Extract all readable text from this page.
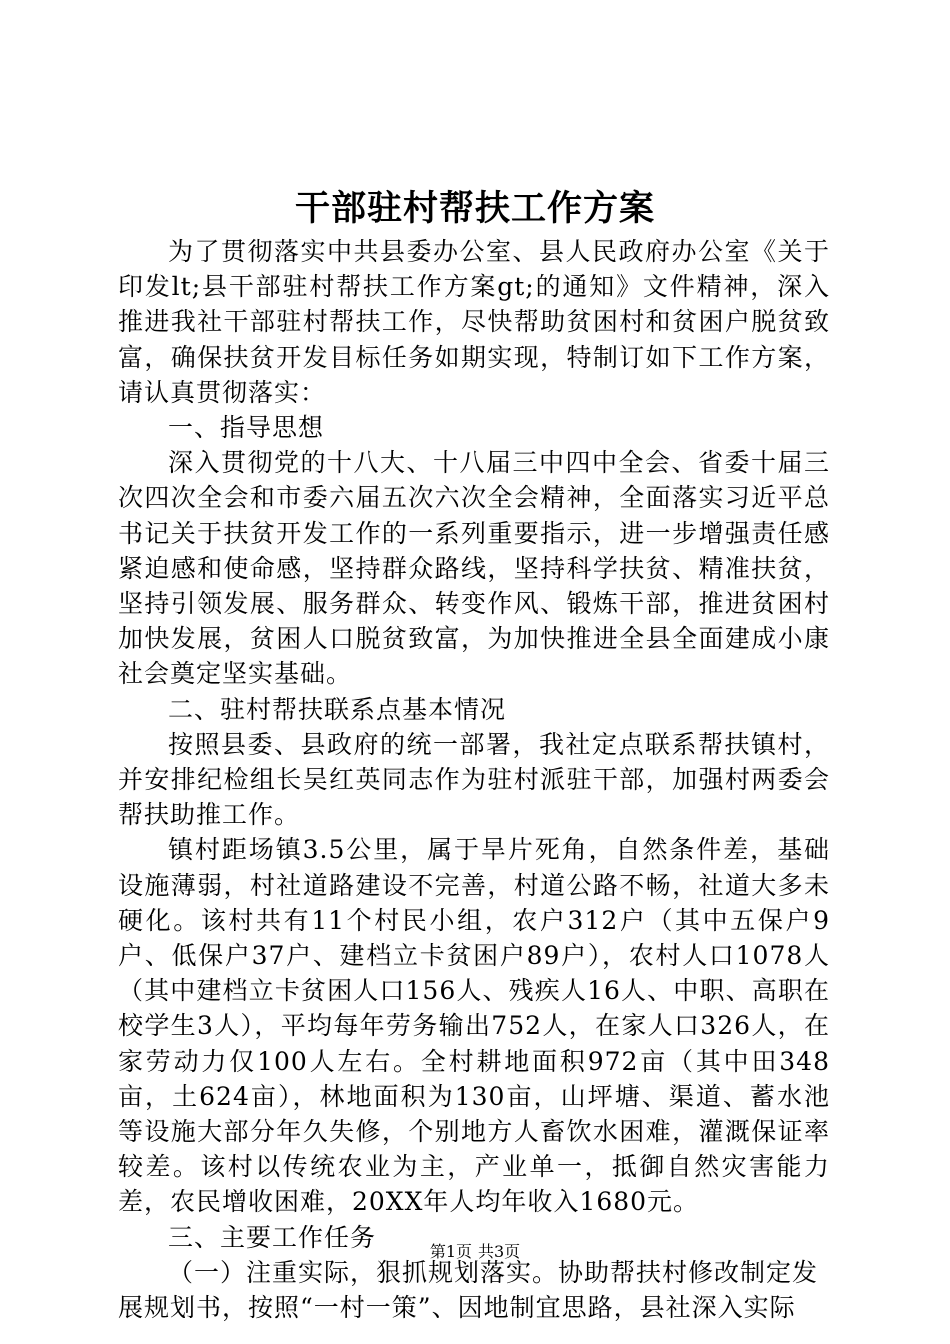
干部驻村帮扶工作方案

为了贯彻落实中共县委办公室、县人民政府办公室《关于印发lt;县干部驻村帮扶工作方案gt;的通知》文件精神，深入推进我社干部驻村帮扶工作，尽快帮助贫困村和贫困户脱贫致富，确保扶贫开发目标任务如期实现，特制订如下工作方案，请认真贯彻落实：

一、指导思想

深入贯彻党的十八大、十八届三中四中全会、省委十届三次四次全会和市委六届五次六次全会精神，全面落实习近平总书记关于扶贫开发工作的一系列重要指示，进一步增强责任感紧迫感和使命感，坚持群众路线，坚持科学扶贫、精准扶贫，坚持引领发展、服务群众、转变作风、锻炼干部，推进贫困村加快发展，贫困人口脱贫致富，为加快推进全县全面建成小康社会奠定坚实基础。

二、驻村帮扶联系点基本情况

按照县委、县政府的统一部署，我社定点联系帮扶镇村，并安排纪检组长吴红英同志作为驻村派驻干部，加强村两委会帮扶助推工作。

镇村距场镇3.5公里，属于旱片死角，自然条件差，基础设施薄弱，村社道路建设不完善，村道公路不畅，社道大多未硬化。该村共有11个村民小组，农户312户（其中五保户9户、低保户37户、建档立卡贫困户89户），农村人口1078人（其中建档立卡贫困人口156人、残疾人16人、中职、高职在校学生3人），平均每年劳务输出752人，在家人口326人，在家劳动力仅100人左右。全村耕地面积972亩（其中田348亩，土624亩），林地面积为130亩，山坪塘、渠道、蓄水池等设施大部分年久失修，个别地方人畜饮水困难，灌溉保证率较差。该村以传统农业为主，产业单一，抵御自然灾害能力差，农民增收困难，20XX年人均年收入1680元。

三、主要工作任务

（一）注重实际，狠抓规划落实。协助帮扶村修改制定发展规划书，按照“一村一策”、因地制宜思路，县社深入实际

第1页 共3页
